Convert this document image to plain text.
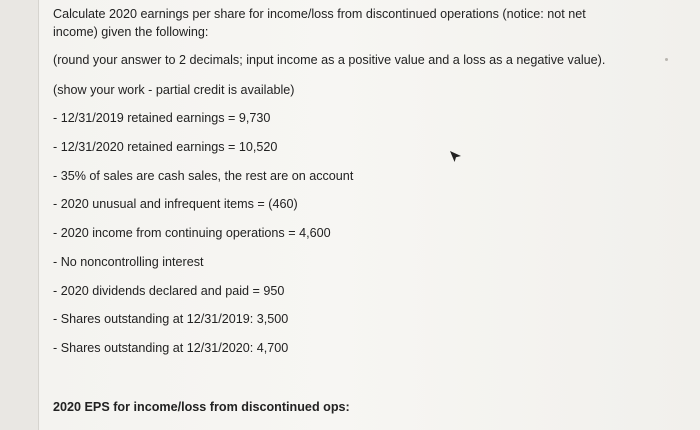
Calculate 2020 earnings per share for income/loss from discontinued operations (notice: not net income) given the following:
(round your answer to 2 decimals; input income as a positive value and a loss as a negative value).
(show your work - partial credit is available)
- 12/31/2019 retained earnings = 9,730
- 12/31/2020 retained earnings = 10,520
- 35% of sales are cash sales, the rest are on account
- 2020 unusual and infrequent items = (460)
- 2020 income from continuing operations = 4,600
- No noncontrolling interest
- 2020 dividends declared and paid = 950
- Shares outstanding at 12/31/2019: 3,500
- Shares outstanding at 12/31/2020: 4,700
2020 EPS for income/loss from discontinued ops:
